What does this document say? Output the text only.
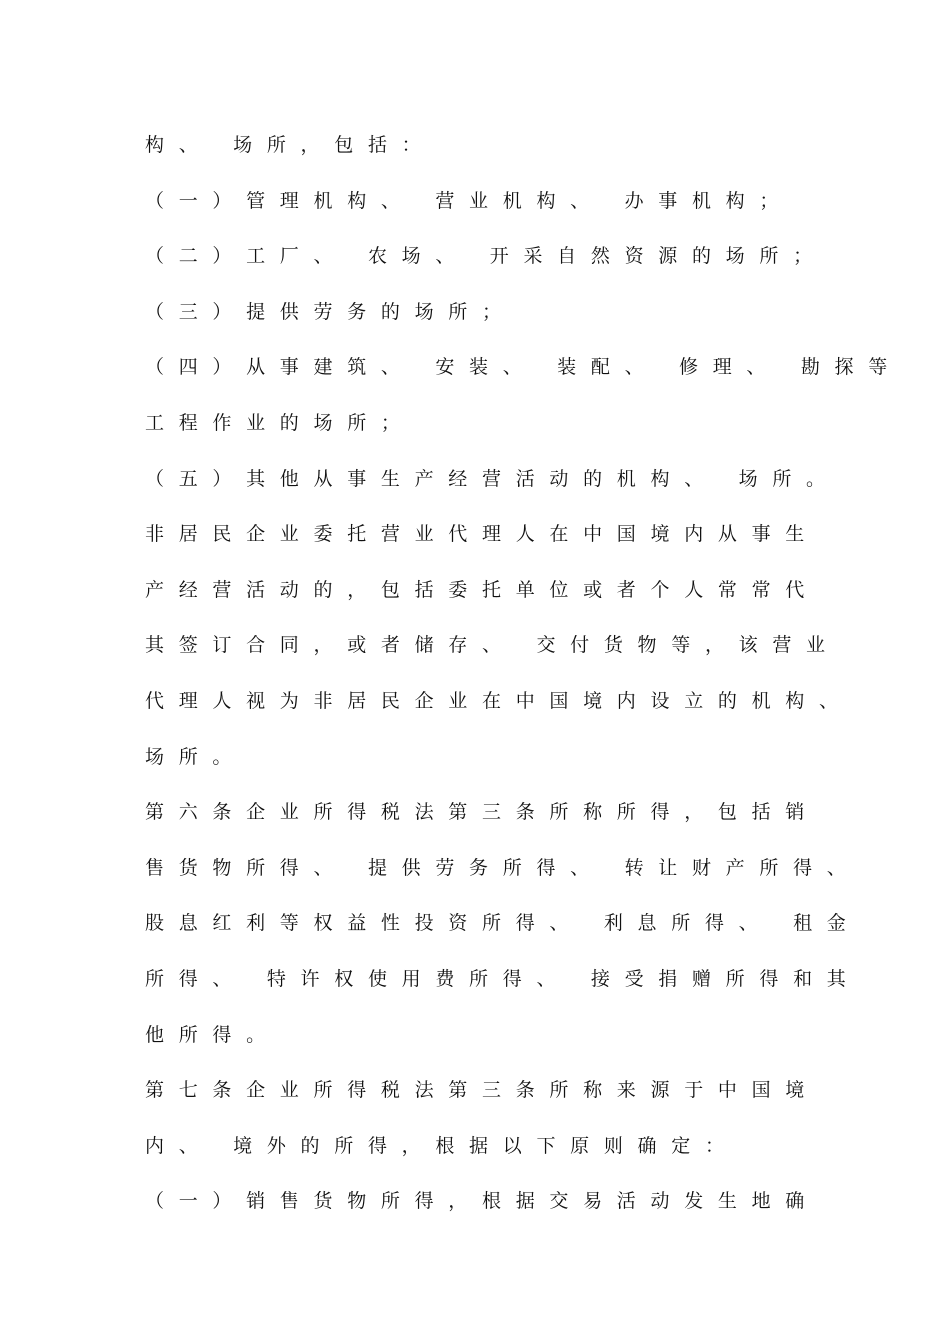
构、 场所，包括：
（一）管理机构、 营业机构、 办事机构；
（二）工厂、 农场、 开采自然资源的场所；
（三）提供劳务的场所；
（四）从事建筑、 安装、 装配、 修理、 勘探等
工程作业的场所；
（五）其他从事生产经营活动的机构、 场所。
非居民企业委托营业代理人在中国境内从事生
产经营活动的，包括委托单位或者个人常常代
其签订合同，或者储存、 交付货物等，该营业
代理人视为非居民企业在中国境内设立的机构、
场所。
第六条企业所得税法第三条所称所得，包括销
售货物所得、 提供劳务所得、 转让财产所得、
股息红利等权益性投资所得、 利息所得、 租金
所得、 特许权使用费所得、 接受捐赠所得和其
他所得。
第七条企业所得税法第三条所称来源于中国境
内、 境外的所得，根据以下原则确定：
（一）销售货物所得，根据交易活动发生地确
